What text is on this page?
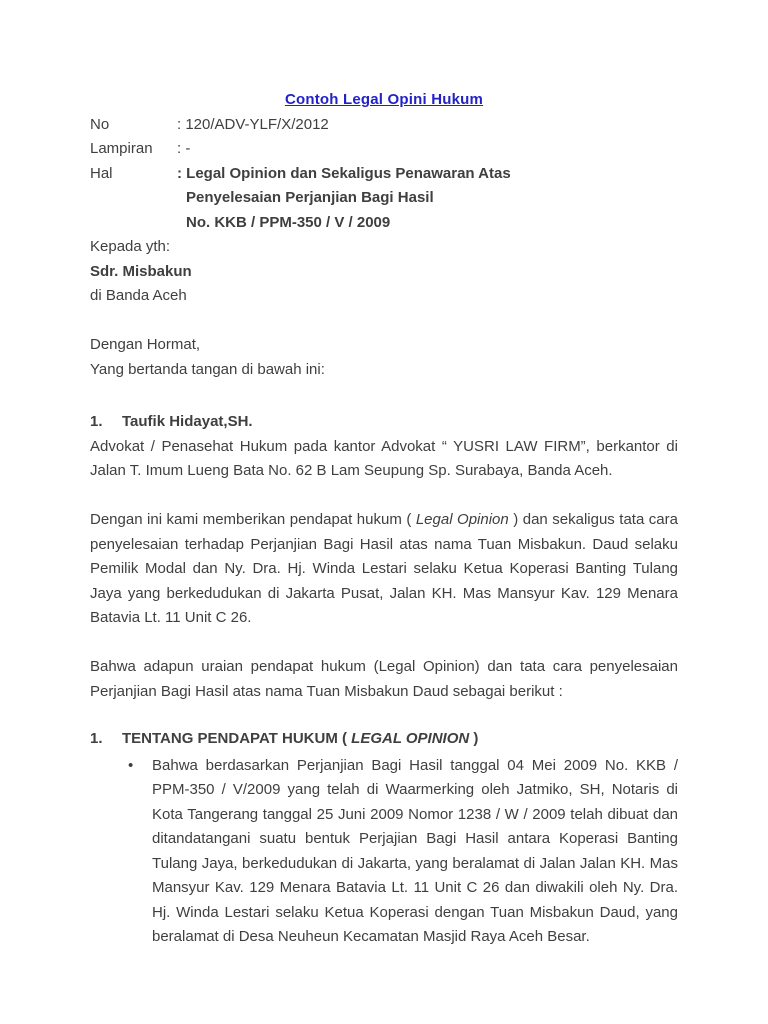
Contoh Legal Opini Hukum
No	: 120/ADV-YLF/X/2012
Lampiran	: -
Hal	: Legal Opinion dan Sekaligus Penawaran Atas
Penyelesaian Perjanjian Bagi Hasil
No. KKB / PPM-350 / V / 2009
Kepada yth:
Sdr. Misbakun
di Banda Aceh
Dengan Hormat,
Yang bertanda tangan di bawah ini:
1.	Taufik Hidayat,SH.
Advokat / Penasehat Hukum pada kantor Advokat “ YUSRI LAW FIRM”, berkantor di Jalan T. Imum Lueng Bata No. 62 B Lam Seupung Sp. Surabaya, Banda Aceh.
Dengan ini kami memberikan pendapat hukum ( Legal Opinion ) dan sekaligus tata cara penyelesaian terhadap Perjanjian Bagi Hasil atas nama Tuan Misbakun. Daud selaku Pemilik Modal dan Ny. Dra. Hj. Winda Lestari selaku Ketua Koperasi Banting Tulang Jaya yang berkedudukan di Jakarta Pusat, Jalan KH. Mas Mansyur Kav. 129 Menara Batavia Lt. 11 Unit C 26.
Bahwa adapun uraian pendapat hukum (Legal Opinion) dan tata cara penyelesaian Perjanjian Bagi Hasil atas nama Tuan Misbakun Daud sebagai berikut :
1.	TENTANG PENDAPAT HUKUM ( LEGAL OPINION )
•	Bahwa berdasarkan Perjanjian Bagi Hasil tanggal 04 Mei 2009 No. KKB / PPM-350 / V/2009 yang telah di Waarmerking oleh Jatmiko, SH, Notaris di Kota Tangerang tanggal 25 Juni 2009 Nomor 1238 / W / 2009 telah dibuat dan ditandatangani suatu bentuk Perjajian Bagi Hasil antara Koperasi Banting Tulang Jaya, berkedudukan di Jakarta, yang beralamat di Jalan Jalan KH. Mas Mansyur Kav. 129 Menara Batavia Lt. 11 Unit C 26 dan diwakili oleh Ny. Dra. Hj. Winda Lestari selaku Ketua Koperasi dengan Tuan Misbakun Daud, yang beralamat di Desa Neuheun Kecamatan Masjid Raya Aceh Besar.
